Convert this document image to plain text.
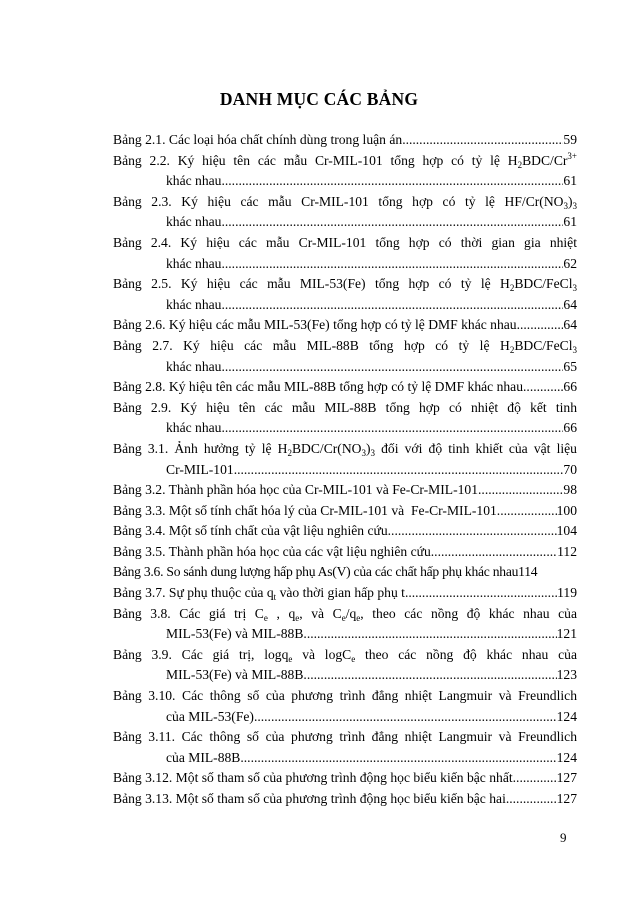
DANH MỤC CÁC BẢNG
Bảng 2.1. Các loại hóa chất chính dùng trong luận án .....	59
Bảng 2.2. Ký hiệu tên các mẫu Cr-MIL-101 tổng hợp có tỷ lệ $H_2BDC/Cr^{3+}$
khác nhau .....	61
Bảng 2.3. Ký hiệu các mẫu Cr-MIL-101 tổng hợp có tỷ lệ $HF/Cr(NO_3)_3$
khác nhau .....	61
Bảng 2.4. Ký hiệu các mẫu Cr-MIL-101 tổng hợp có thời gian gia nhiệt
khác nhau .....	62
Bảng 2.5. Ký hiệu các mẫu MIL-53(Fe) tổng hợp có tỷ lệ $H_2BDC/FeCl_3$
khác nhau .....	64
Bảng 2.6. Ký hiệu các mẫu MIL-53(Fe) tổng hợp có tỷ lệ DMF khác nhau .....	64
Bảng 2.7. Ký hiệu các mẫu MIL-88B tổng hợp có tỷ lệ $H_2BDC/FeCl_3$
khác nhau .....	65
Bảng 2.8. Ký hiệu tên các mẫu MIL-88B tổng hợp có tỷ lệ DMF khác nhau .....	66
Bảng 2.9. Ký hiệu tên các mẫu MIL-88B tổng hợp có nhiệt độ kết tinh
khác nhau .....	66
Bảng 3.1. Ảnh hưởng tỷ lệ $H_2BDC/Cr(NO_3)_3$ đối với độ tinh khiết của vật liệu
Cr-MIL-101 .....	70
Bảng 3.2. Thành phần hóa học của Cr-MIL-101 và Fe-Cr-MIL-101 .....	98
Bảng 3.3. Một số tính chất hóa lý của Cr-MIL-101 và  Fe-Cr-MIL-101 .....	100
Bảng 3.4. Một số tính chất của vật liệu nghiên cứu .....	104
Bảng 3.5. Thành phần hóa học của các vật liệu nghiên cứu .....	112
Bảng 3.6. So sánh dung lượng hấp phụ As(V) của các chất hấp phụ khác nhau 114
Bảng 3.7. Sự phụ thuộc của $q_t$ vào thời gian hấp phụ t .....	119
Bảng 3.8. Các giá trị $C_e$ , $q_e$, và $C_e/q_e$, theo các nồng độ khác nhau của
MIL-53(Fe) và MIL-88B .....	121
Bảng 3.9. Các giá trị, logq$_e$ và logC$_e$ theo các nồng độ khác nhau của
MIL-53(Fe) và MIL-88B .....	123
Bảng 3.10. Các thông số của phương trình đẳng nhiệt Langmuir và Freundlich
của MIL-53(Fe) .....	124
Bảng 3.11. Các thông số của phương trình đẳng nhiệt Langmuir và Freundlich
của MIL-88B .....	124
Bảng 3.12. Một số tham số của phương trình động học biểu kiến bậc nhất .....	127
Bảng 3.13. Một số tham số của phương trình động học biểu kiến bậc hai .....	127
9
